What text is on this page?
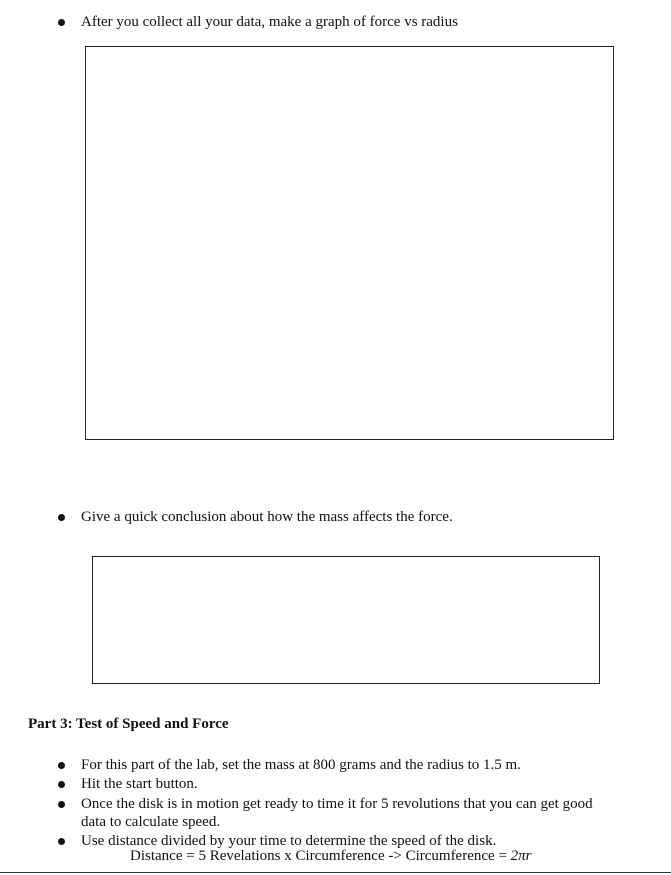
After you collect all your data, make a graph of force vs radius
Give a quick conclusion about how the mass affects the force.
Part 3: Test of Speed and Force
For this part of the lab, set the mass at 800 grams and the radius to 1.5 m.
Hit the start button.
Once the disk is in motion get ready to time it for 5 revolutions that you can get good
data to calculate speed.
Use distance divided by your time to determine the speed of the disk.
Distance = 5 Revelations x Circumference -> Circumference = 2πr
